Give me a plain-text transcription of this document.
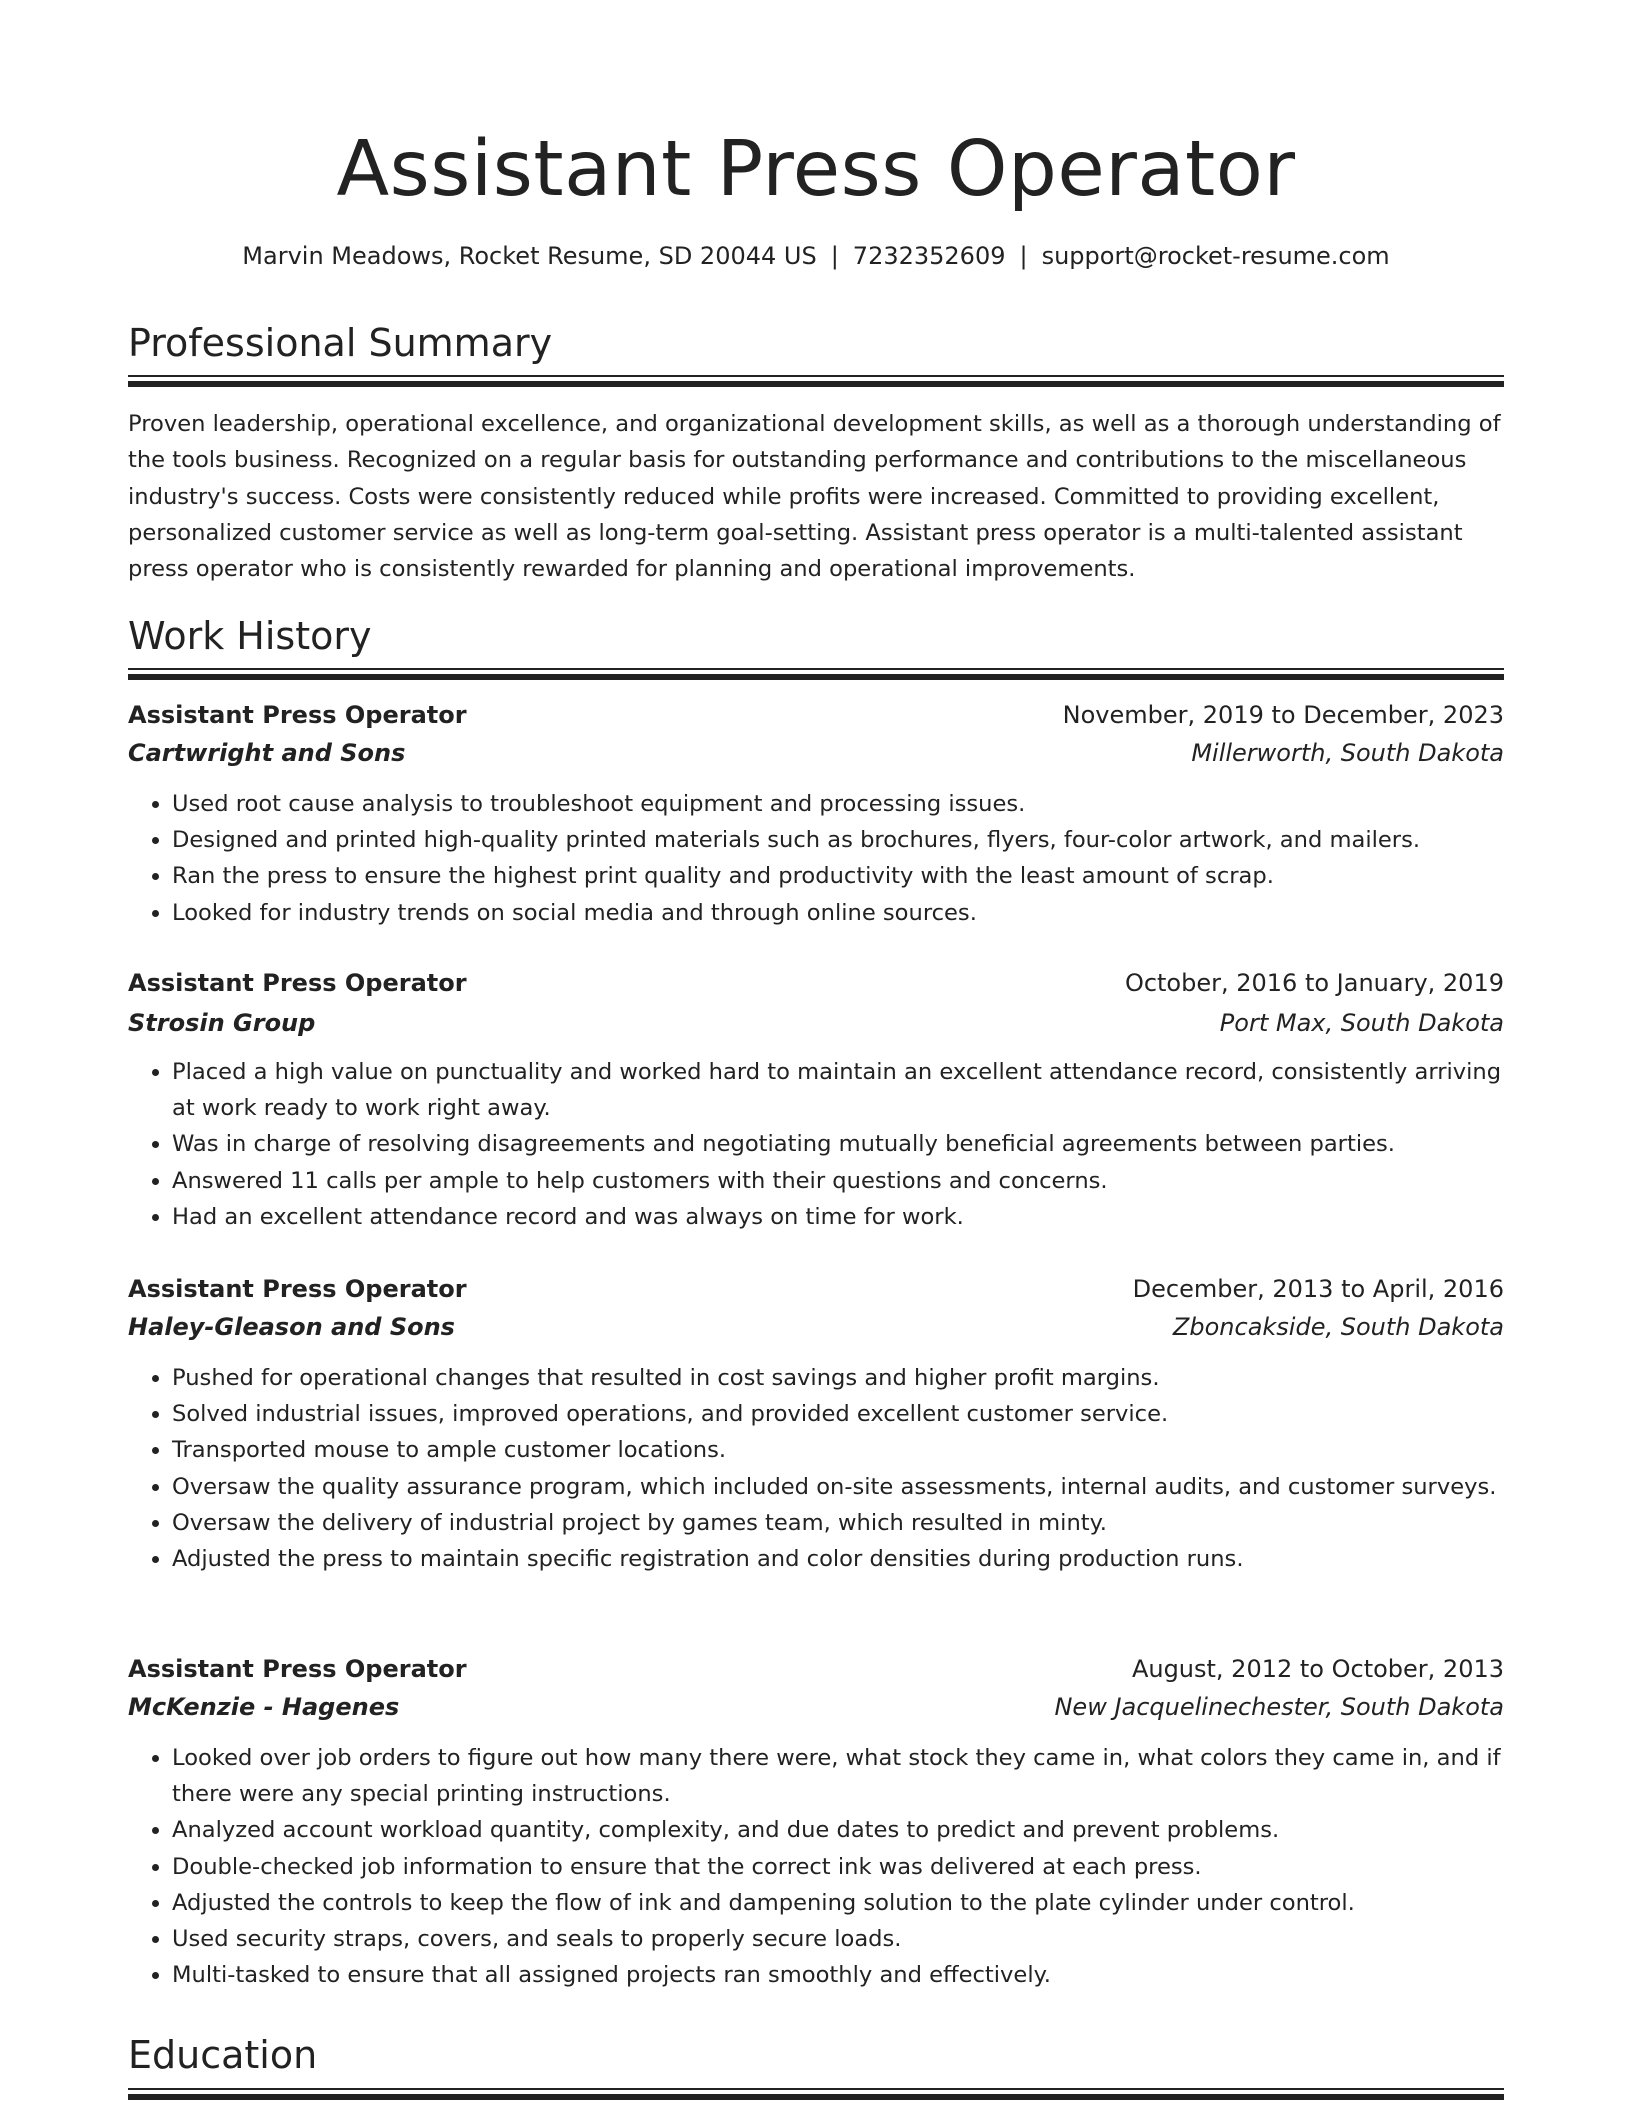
Assistant Press Operator
Marvin Meadows, Rocket Resume, SD 20044 US | 7232352609 | support@rocket-resume.com
Professional Summary

Proven leadership, operational excellence, and organizational development skills, as well as a thorough understanding of the tools business. Recognized on a regular basis for outstanding performance and contributions to the miscellaneous industry's success. Costs were consistently reduced while profits were increased. Committed to providing excellent, personalized customer service as well as long-term goal-setting. Assistant press operator is a multi-talented assistant press operator who is consistently rewarded for planning and operational improvements.

Work History
Assistant Press Operator	November, 2019 to December, 2023
Cartwright and Sons	Millerworth, South Dakota
• Used root cause analysis to troubleshoot equipment and processing issues.
• Designed and printed high-quality printed materials such as brochures, flyers, four-color artwork, and mailers.
• Ran the press to ensure the highest print quality and productivity with the least amount of scrap.
• Looked for industry trends on social media and through online sources.
Assistant Press Operator	October, 2016 to January, 2019
Strosin Group	Port Max, South Dakota
• Placed a high value on punctuality and worked hard to maintain an excellent attendance record, consistently arriving at work ready to work right away.
• Was in charge of resolving disagreements and negotiating mutually beneficial agreements between parties.
• Answered 11 calls per ample to help customers with their questions and concerns.
• Had an excellent attendance record and was always on time for work.
Assistant Press Operator	December, 2013 to April, 2016
Haley-Gleason and Sons	Zboncakside, South Dakota
• Pushed for operational changes that resulted in cost savings and higher profit margins.
• Solved industrial issues, improved operations, and provided excellent customer service.
• Transported mouse to ample customer locations.
• Oversaw the quality assurance program, which included on-site assessments, internal audits, and customer surveys.
• Oversaw the delivery of industrial project by games team, which resulted in minty.
• Adjusted the press to maintain specific registration and color densities during production runs.
Assistant Press Operator	August, 2012 to October, 2013
McKenzie - Hagenes	New Jacquelinechester, South Dakota
• Looked over job orders to figure out how many there were, what stock they came in, what colors they came in, and if there were any special printing instructions.
• Analyzed account workload quantity, complexity, and due dates to predict and prevent problems.
• Double-checked job information to ensure that the correct ink was delivered at each press.
• Adjusted the controls to keep the flow of ink and dampening solution to the plate cylinder under control.
• Used security straps, covers, and seals to properly secure loads.
• Multi-tasked to ensure that all assigned projects ran smoothly and effectively.
Education
